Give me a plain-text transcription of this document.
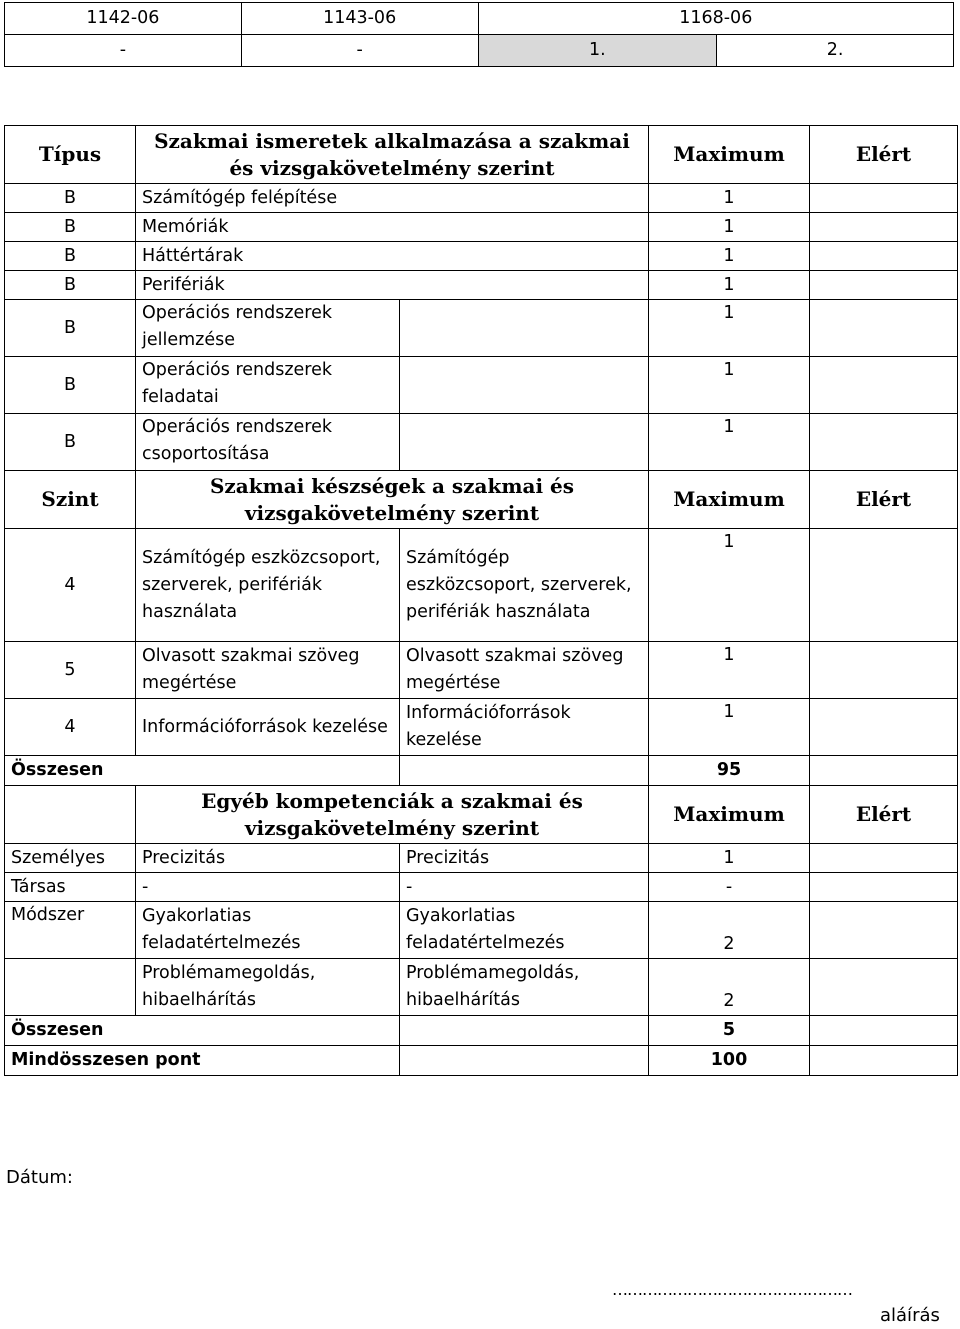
1142-06	1143-06	1168-06	
-	-	1.	2.
Típus	Szakmai ismeretek alkalmazása a szakmai és vizsgakövetelmény szerint		Maximum	Elért
B	Számítógép felépítése		1	
B	Memóriák		1	
B	Háttértárak		1	
B	Perifériák		1	
B	Operációs rendszerek jellemzése		1	
B	Operációs rendszerek feladatai		1	
B	Operációs rendszerek csoportosítása		1	
Szint	Szakmai készségek a szakmai és vizsgakövetelmény szerint		Maximum	Elért
4	Számítógép eszközcsoport, szerverek, perifériák használata	Számítógép eszközcsoport, szerverek, perifériák használata	1	
5	Olvasott szakmai szöveg megértése	Olvasott szakmai szöveg megértése	1	
4	Információforrások kezelése	Információforrások kezelése	1	
Összesen			95	
	Egyéb kompetenciák a szakmai és vizsgakövetelmény szerint		Maximum	Elért
Személyes	Precizitás	Precizitás	1	
Társas	-	-	-	
Módszer	Gyakorlatias feladatértelmezés	Gyakorlatias feladatértelmezés	2	
	Problémamegoldás, hibaelhárítás	Problémamegoldás, hibaelhárítás	2	
Összesen			5	
Mindösszesen pont			100	
Dátum:
…………………………………………
aláírás
